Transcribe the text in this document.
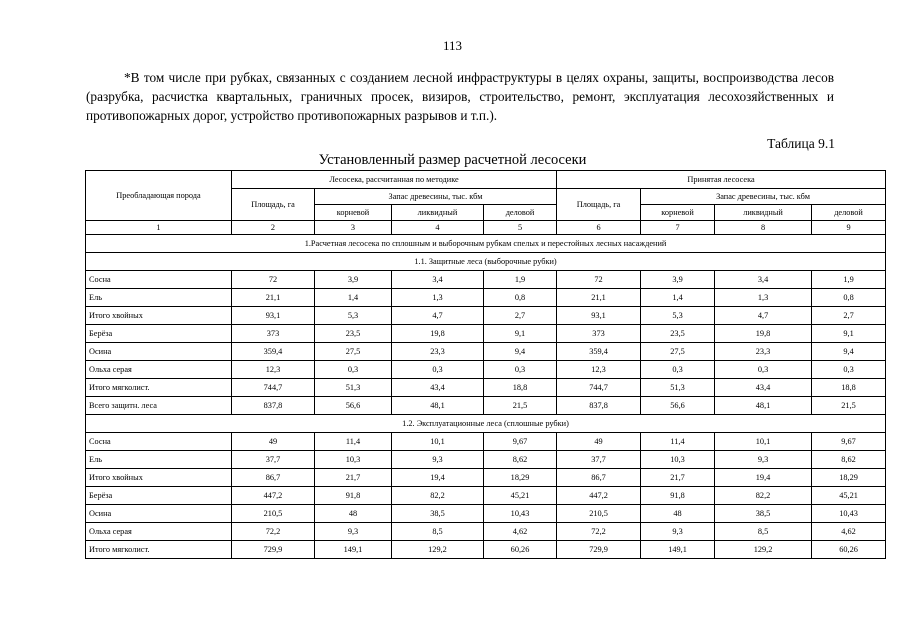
113

*В том числе при рубках, связанных с созданием лесной инфраструктуры в целях охраны, защиты, воспроизводства лесов (разрубка, расчистка квартальных, граничных просек, визиров, строительство, ремонт, эксплуатация лесохозяйственных и противопожарных дорог, устройство противопожарных разрывов и т.п.).

Таблица 9.1
Установленный размер расчетной лесосеки
Преобладающая порода	Лесосека, рассчитанная по методике				Принятая лесосека			
	Площадь, га	Запас древесины, тыс. кбм			Площадь, га	Запас древесины, тыс. кбм		
		корневой	ликвидный	деловой		корневой	ликвидный	деловой
1	2	3	4	5	6	7	8	9
1.Расчетная лесосека по сплошным и выборочным рубкам спелых и перестойных лесных насаждений								
1.1. Защитные леса (выборочные рубки)								
Сосна	72	3,9	3,4	1,9	72	3,9	3,4	1,9
Ель	21,1	1,4	1,3	0,8	21,1	1,4	1,3	0,8
Итого хвойных	93,1	5,3	4,7	2,7	93,1	5,3	4,7	2,7
Берёза	373	23,5	19,8	9,1	373	23,5	19,8	9,1
Осина	359,4	27,5	23,3	9,4	359,4	27,5	23,3	9,4
Ольха серая	12,3	0,3	0,3	0,3	12,3	0,3	0,3	0,3
Итого мягколист.	744,7	51,3	43,4	18,8	744,7	51,3	43,4	18,8
Всего защитн. леса	837,8	56,6	48,1	21,5	837,8	56,6	48,1	21,5
1.2. Эксплуатационные леса (сплошные рубки)								
Сосна	49	11,4	10,1	9,67	49	11,4	10,1	9,67
Ель	37,7	10,3	9,3	8,62	37,7	10,3	9,3	8,62
Итого хвойных	86,7	21,7	19,4	18,29	86,7	21,7	19,4	18,29
Берёза	447,2	91,8	82,2	45,21	447,2	91,8	82,2	45,21
Осина	210,5	48	38,5	10,43	210,5	48	38,5	10,43
Ольха серая	72,2	9,3	8,5	4,62	72,2	9,3	8,5	4,62
Итого мягколист.	729,9	149,1	129,2	60,26	729,9	149,1	129,2	60,26
